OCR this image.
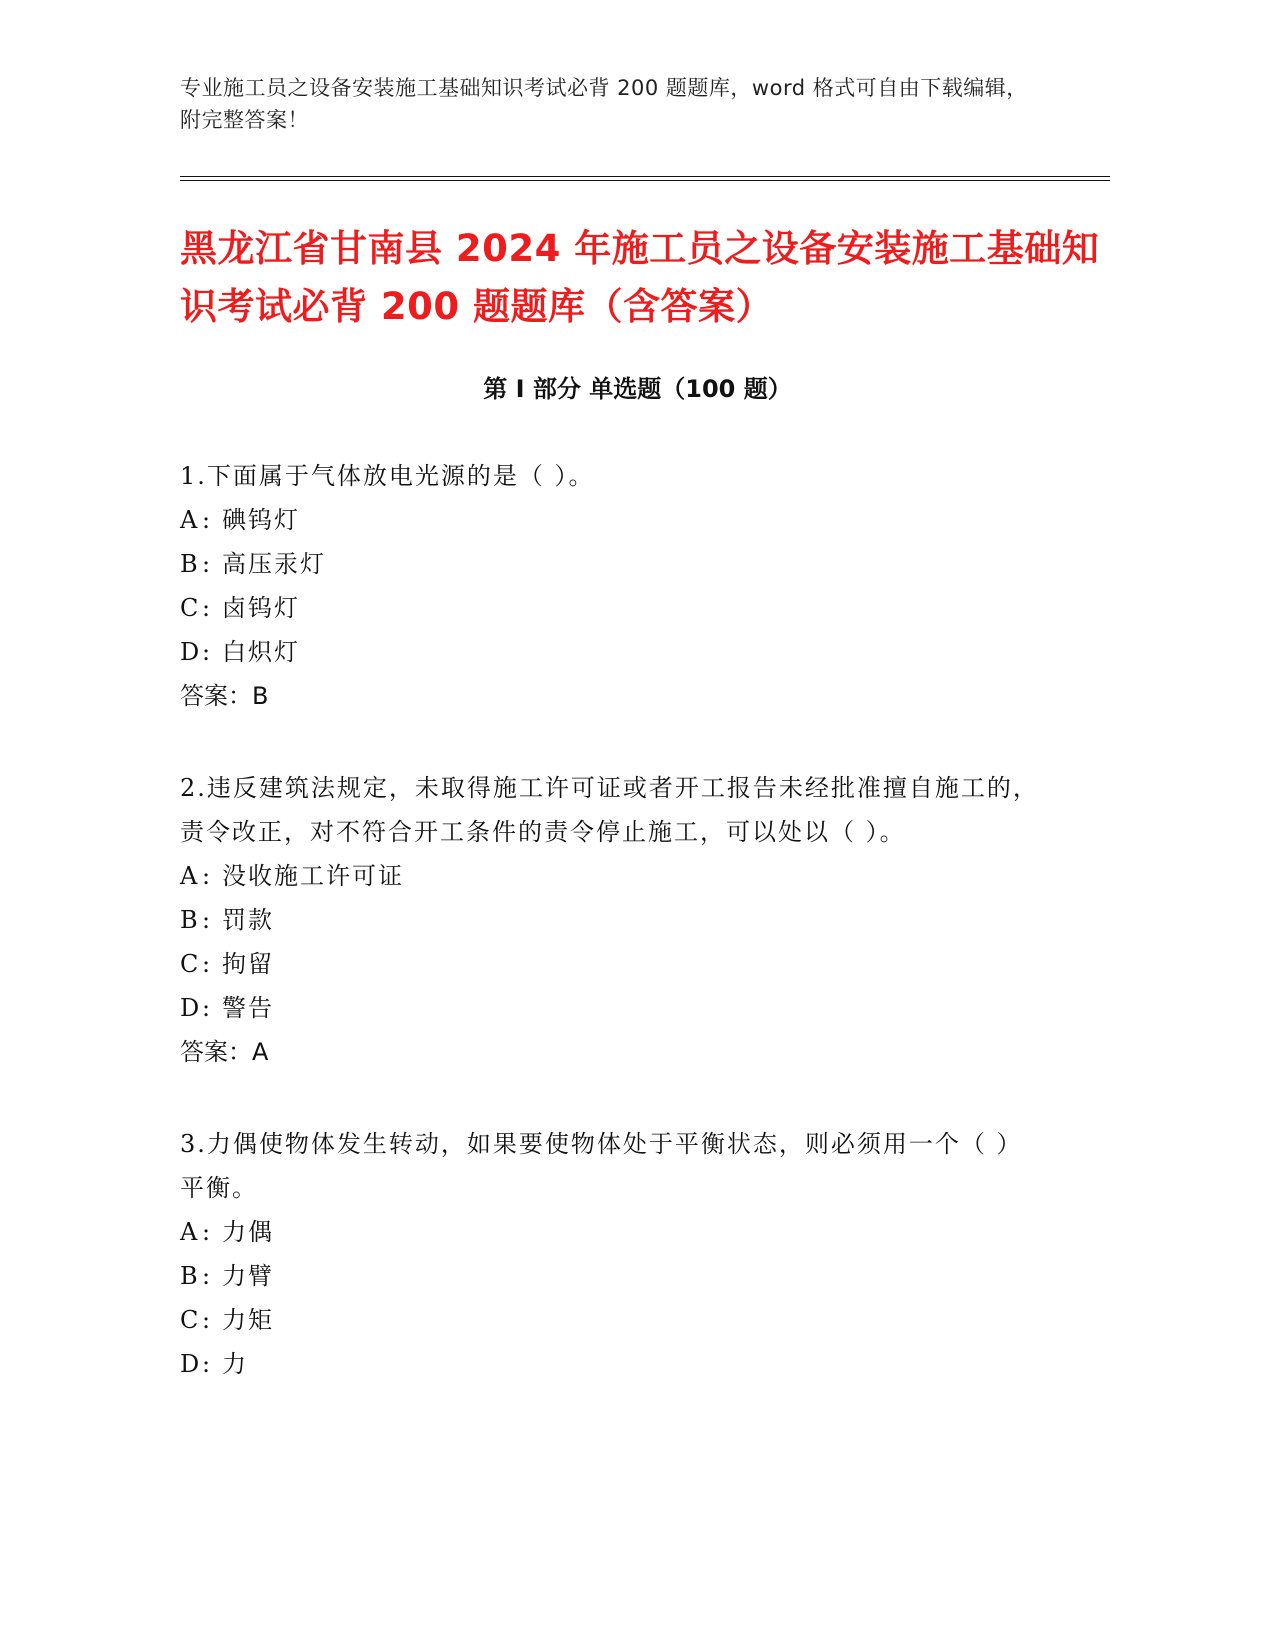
专业施工员之设备安装施工基础知识考试必背 200 题题库，word 格式可自由下载编辑，附完整答案！
黑龙江省甘南县 2024 年施工员之设备安装施工基础知识考试必背 200 题题库（含答案）
第 I 部分 单选题（100 题）

1.下面属于气体放电光源的是（ ）。

A : 碘钨灯

B : 高压汞灯

C : 卤钨灯

D : 白炽灯

答案：B

2.违反建筑法规定，未取得施工许可证或者开工报告未经批准擅自施工的，责令改正，对不符合开工条件的责令停止施工，可以处以（ ）。

A : 没收施工许可证

B : 罚款

C : 拘留

D : 警告

答案：A

3.力偶使物体发生转动，如果要使物体处于平衡状态，则必须用一个（ ）平衡。

A : 力偶

B : 力臂

C : 力矩

D : 力
